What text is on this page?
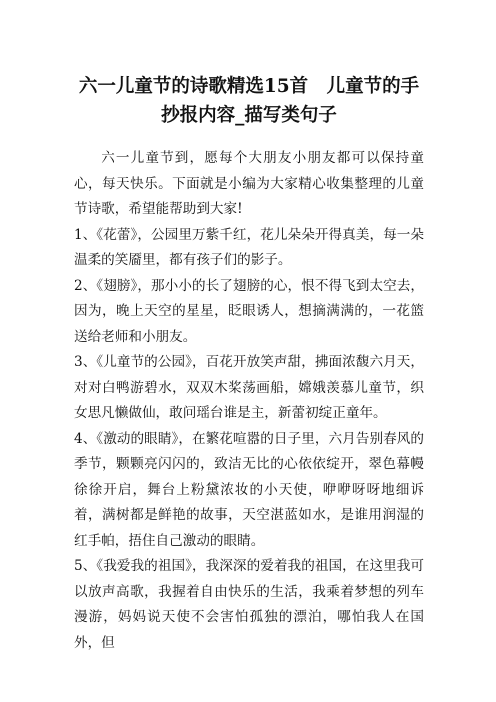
六一儿童节的诗歌精选15首　儿童节的手抄报内容_描写类句子

六一儿童节到，愿每个大朋友小朋友都可以保持童心，每天快乐。下面就是小编为大家精心收集整理的儿童节诗歌，希望能帮助到大家!

1、《花蕾》，公园里万紫千红，花儿朵朵开得真美，每一朵温柔的笑靥里，都有孩子们的影子。

2、《翅膀》，那小小的长了翅膀的心，恨不得飞到太空去，因为，晚上天空的星星，眨眼诱人，想摘满满的，一花篮送给老师和小朋友。

3、《儿童节的公园》，百花开放笑声甜，拂面浓馥六月天，对对白鸭游碧水，双双木桨荡画船，嫦娥羡慕儿童节，织女思凡懒做仙，敢问瑶台谁是主，新蕾初绽正童年。

4、《激动的眼睛》，在繁花喧嚣的日子里，六月告别春风的季节，颗颗亮闪闪的，致洁无比的心依依绽开，翠色幕幔徐徐开启，舞台上粉黛浓妆的小天使，咿咿呀呀地细诉着，满树都是鲜艳的故事，天空湛蓝如水，是谁用润湿的红手帕，捂住自己激动的眼睛。

5、《我爱我的祖国》，我深深的爱着我的祖国，在这里我可以放声高歌，我握着自由快乐的生活，我乘着梦想的列车漫游，妈妈说天使不会害怕孤独的漂泊，哪怕我人在国外，但
